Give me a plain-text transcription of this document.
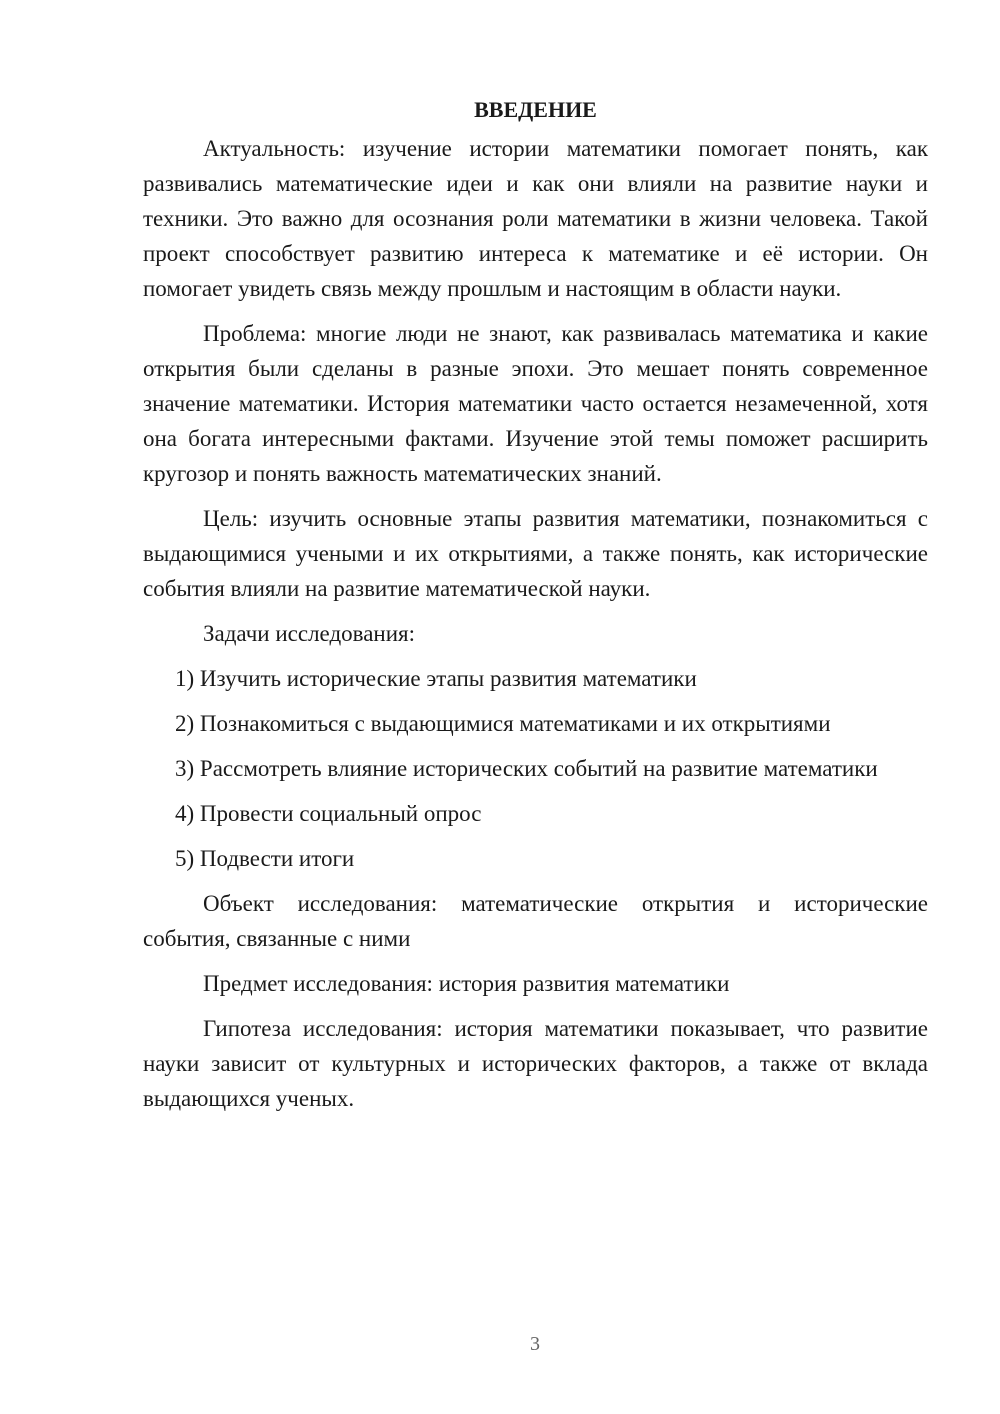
ВВЕДЕНИЕ

Актуальность: изучение истории математики помогает понять, как развивались математические идеи и как они влияли на развитие науки и техники. Это важно для осознания роли математики в жизни человека. Такой проект способствует развитию интереса к математике и её истории. Он помогает увидеть связь между прошлым и настоящим в области науки.

Проблема: многие люди не знают, как развивалась математика и какие открытия были сделаны в разные эпохи. Это мешает понять современное значение математики. История математики часто остается незамеченной, хотя она богата интересными фактами. Изучение этой темы поможет расширить кругозор и понять важность математических знаний.

Цель: изучить основные этапы развития математики, познакомиться с выдающимися учеными и их открытиями, а также понять, как исторические события влияли на развитие математической науки.

Задачи исследования:

1) Изучить исторические этапы развития математики

2) Познакомиться с выдающимися математиками и их открытиями

3) Рассмотреть влияние исторических событий на развитие математики

4) Провести социальный опрос

5) Подвести итоги

Объект исследования: математические открытия и исторические события, связанные с ними

Предмет исследования: история развития математики

Гипотеза исследования: история математики показывает, что развитие науки зависит от культурных и исторических факторов, а также от вклада выдающихся ученых.

3
